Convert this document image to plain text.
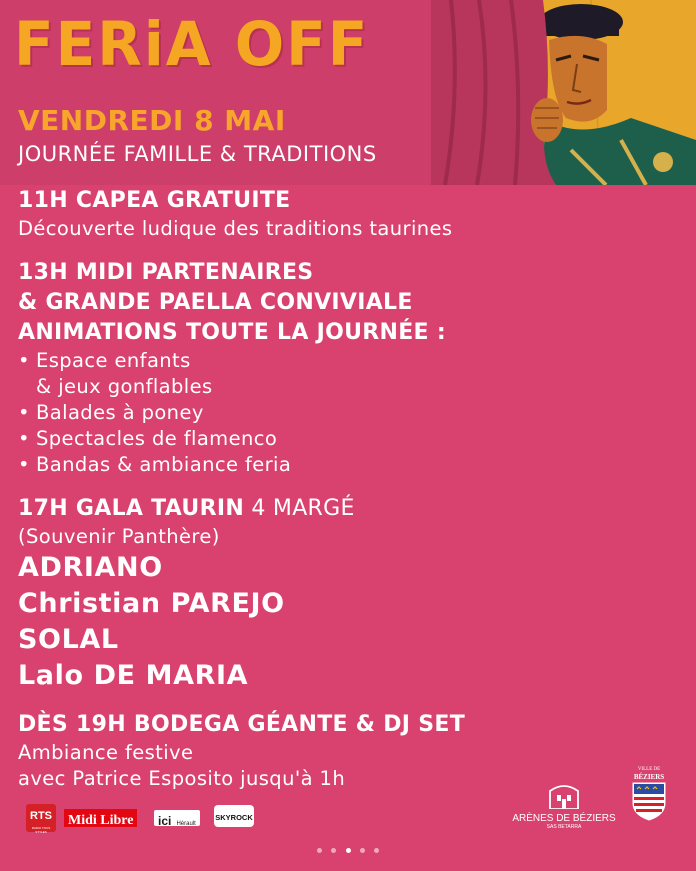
FERiA OFF
VENDREDI 8 MAI
JOURNÉE FAMILLE & TRADITIONS
11H CAPEA GRATUITE
Découverte ludique des traditions taurines
13H MIDI PARTENAIRES
& GRANDE PAELLA CONVIVIALE
ANIMATIONS TOUTE LA JOURNÉE :
• Espace enfants
& jeux gonflables
• Balades à poney
• Spectacles de flamenco
• Bandas & ambiance feria
17H GALA TAURIN 4 MARGÉ
(Souvenir Panthère)
ADRIANO
Christian PAREJO
SOLAL
Lalo DE MARIA
DÈS 19H BODEGA GÉANTE & DJ SET
Ambiance festive
avec Patrice Esposito jusqu'à 1h
RTS
RADIO TOUS STYLES
Midi Libre	ici Hérault
SKYROCK	ARÈNES DE BÉZIERS
SAS BETARRA
VILLE DE
BÉZIERS
